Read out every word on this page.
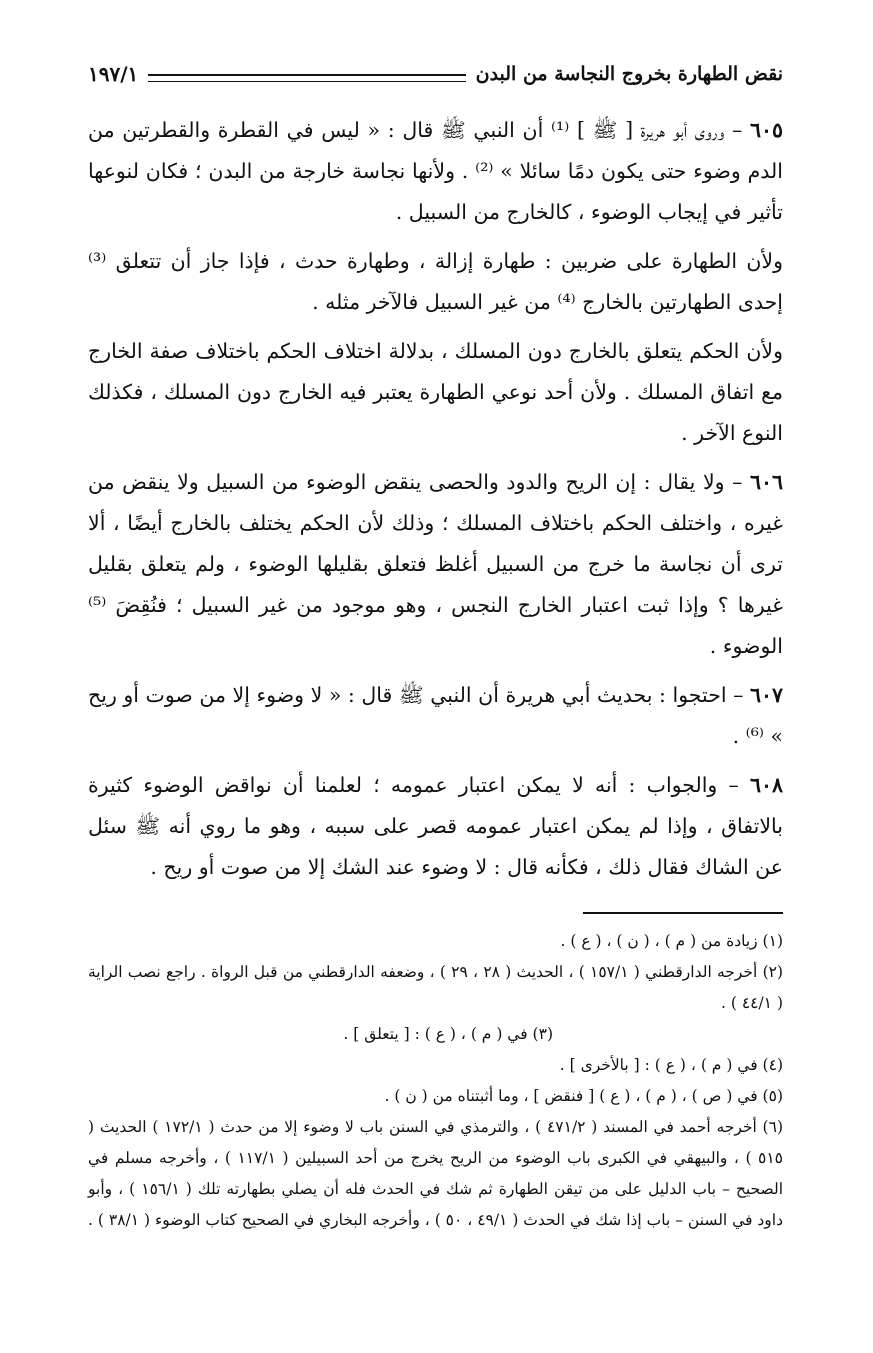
نقض الطهارة بخروج النجاسة من البدن
١٩٧/١

٦٠٥ – وروى أبو هريرة [ ﷺ ] ⁽¹⁾ أن النبي ﷺ قال : « ليس في القطرة والقطرتين من الدم وضوء حتى يكون دمًا سائلا » ⁽²⁾ . ولأنها نجاسة خارجة من البدن ؛ فكان لنوعها تأثير في إيجاب الوضوء ، كالخارج من السبيل .

ولأن الطهارة على ضربين : طهارة إزالة ، وطهارة حدث ، فإذا جاز أن تتعلق ⁽³⁾ إحدى الطهارتين بالخارج ⁽⁴⁾ من غير السبيل فالآخر مثله .

ولأن الحكم يتعلق بالخارج دون المسلك ، بدلالة اختلاف الحكم باختلاف صفة الخارج مع اتفاق المسلك . ولأن أحد نوعي الطهارة يعتبر فيه الخارج دون المسلك ، فكذلك النوع الآخر .

٦٠٦ – ولا يقال : إن الريح والدود والحصى ينقض الوضوء من السبيل ولا ينقض من غيره ، واختلف الحكم باختلاف المسلك ؛ وذلك لأن الحكم يختلف بالخارج أيضًا ، ألا ترى أن نجاسة ما خرج من السبيل أغلظ فتعلق بقليلها الوضوء ، ولم يتعلق بقليل غيرها ؟ وإذا ثبت اعتبار الخارج النجس ، وهو موجود من غير السبيل ؛ فنُقِضَ ⁽⁵⁾ الوضوء .

٦٠٧ – احتجوا : بحديث أبي هريرة أن النبي ﷺ قال : « لا وضوء إلا من صوت أو ريح » ⁽⁶⁾ .

٦٠٨ – والجواب : أنه لا يمكن اعتبار عمومه ؛ لعلمنا أن نواقض الوضوء كثيرة بالاتفاق ، وإذا لم يمكن اعتبار عمومه قصر على سببه ، وهو ما روي أنه ﷺ سئل عن الشاك فقال ذلك ، فكأنه قال : لا وضوء عند الشك إلا من صوت أو ريح .

(١) زيادة من ( م ) ، ( ن ) ، ( ع ) .

(٢) أخرجه الدارقطني ( ١٥٧/١ ) ، الحديث ( ٢٨ ، ٢٩ ) ، وضعفه الدارقطني من قبل الرواة . راجع نصب الراية ( ٤٤/١ ) .

(٣) في ( م ) ، ( ع ) : [ يتعلق ] .

(٤) في ( م ) ، ( ع ) : [ بالأخرى ] .

(٥) في ( ص ) ، ( م ) ، ( ع ) [ فنقض ] ، وما أثبتناه من ( ن ) .

(٦) أخرجه أحمد في المسند ( ٤٧١/٢ ) ، والترمذي في السنن باب لا وضوء إلا من حدث ( ١٧٢/١ ) الحديث ( ٥١٥ ) ، والبيهقي في الكبرى باب الوضوء من الريح يخرج من أحد السبيلين ( ١١٧/١ ) ، وأخرجه مسلم في الصحيح – باب الدليل على من تيقن الطهارة ثم شك في الحدث فله أن يصلي بطهارته تلك ( ١٥٦/١ ) ، وأبو داود في السنن – باب إذا شك في الحدث ( ٤٩/١ ، ٥٠ ) ، وأخرجه البخاري في الصحيح كتاب الوضوء ( ٣٨/١ ) .
